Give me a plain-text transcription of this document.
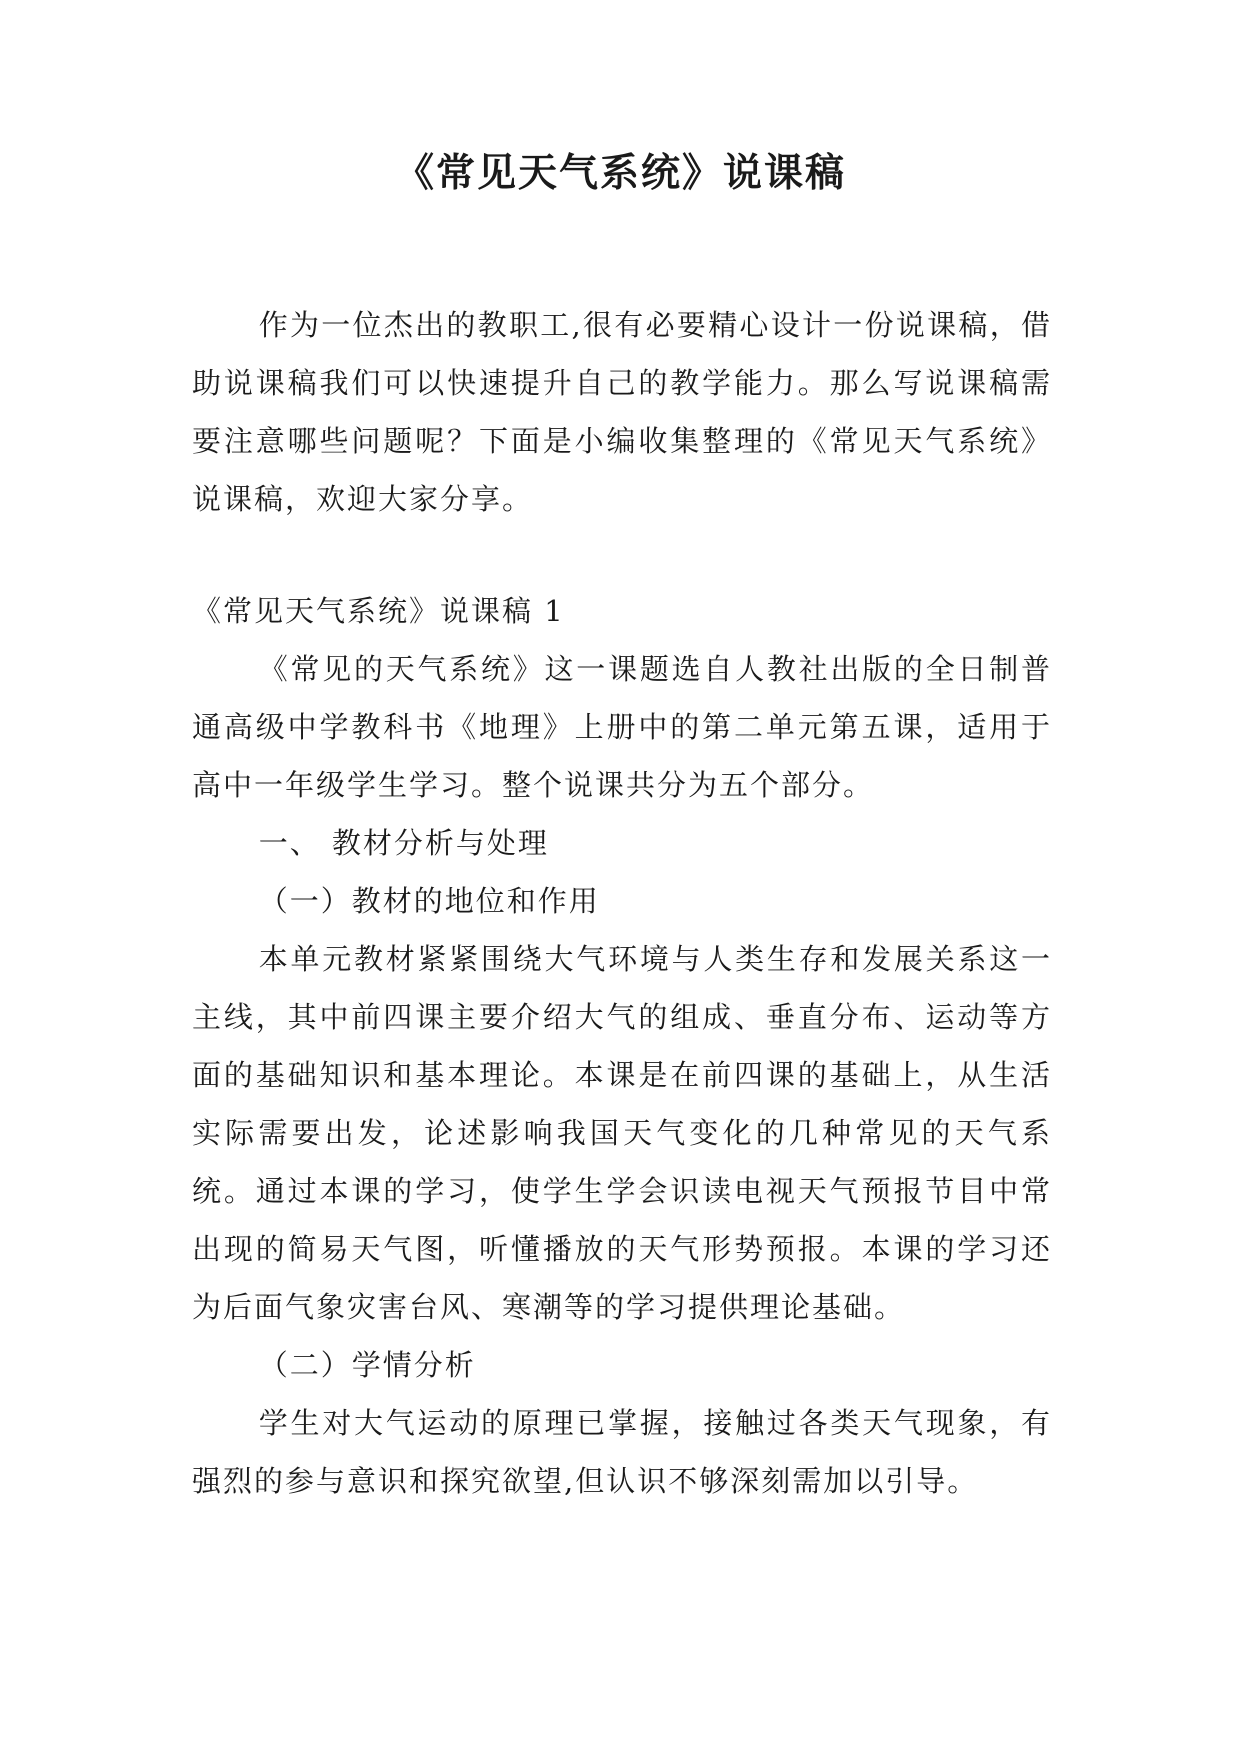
《常见天气系统》说课稿

作为一位杰出的教职工,很有必要精心设计一份说课稿，借助说课稿我们可以快速提升自己的教学能力。那么写说课稿需要注意哪些问题呢？下面是小编收集整理的《常见天气系统》说课稿，欢迎大家分享。

《常见天气系统》说课稿 1

《常见的天气系统》这一课题选自人教社出版的全日制普通高级中学教科书《地理》上册中的第二单元第五课，适用于高中一年级学生学习。整个说课共分为五个部分。

一、 教材分析与处理

（一）教材的地位和作用

本单元教材紧紧围绕大气环境与人类生存和发展关系这一主线，其中前四课主要介绍大气的组成、垂直分布、运动等方面的基础知识和基本理论。本课是在前四课的基础上，从生活实际需要出发，论述影响我国天气变化的几种常见的天气系统。通过本课的学习，使学生学会识读电视天气预报节目中常出现的简易天气图，听懂播放的天气形势预报。本课的学习还为后面气象灾害台风、寒潮等的学习提供理论基础。

（二）学情分析

学生对大气运动的原理已掌握，接触过各类天气现象，有强烈的参与意识和探究欲望,但认识不够深刻需加以引导。
